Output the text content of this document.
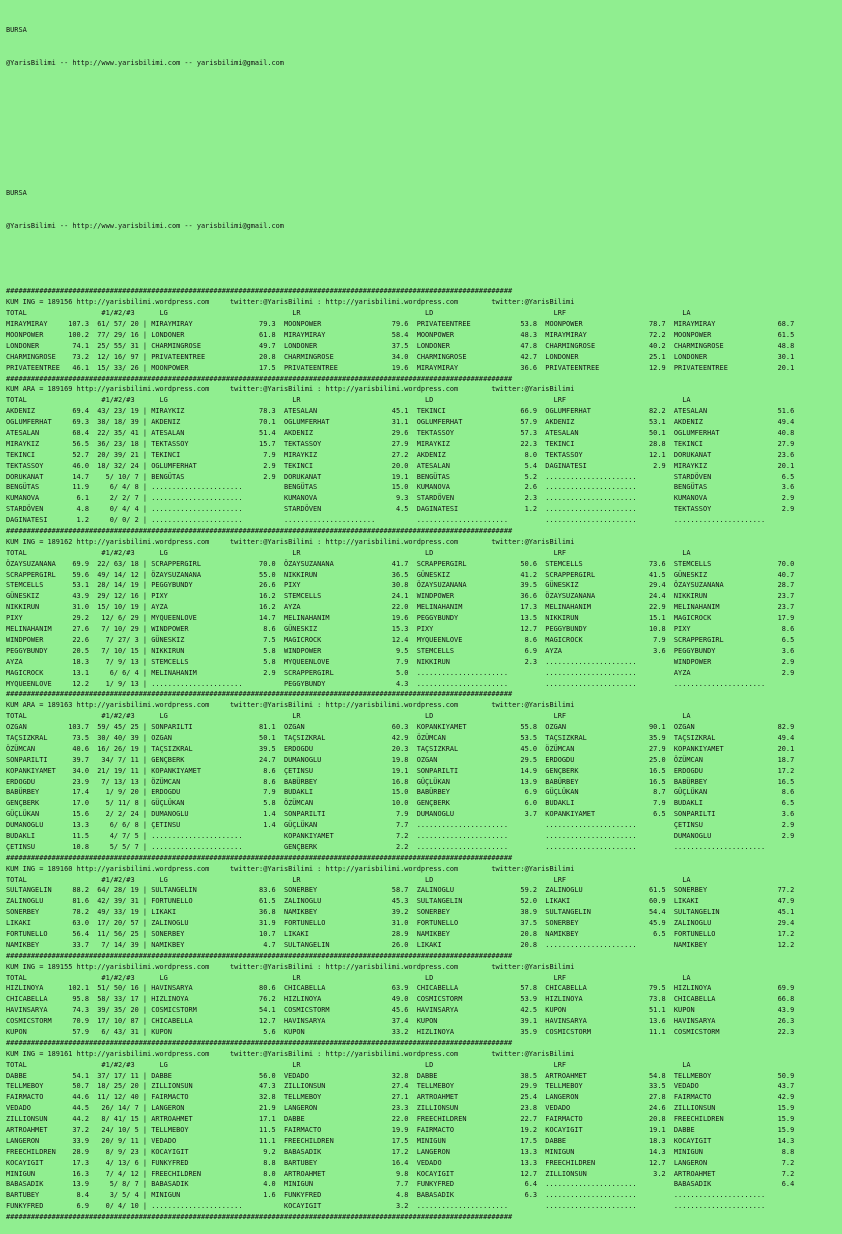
BURSA

@YarisBilimi -- http://www.yarisbilimi.com -- yarisbilimi@gmail.com

BURSA

@YarisBilimi -- http://www.yarisbilimi.com -- yarisbilimi@gmail.com

##########################################################################################################################
KUM ING = 189156 http://yarisbilimi.wordpress.com     twitter:@YarisBilimi : http://yarisbilimi.wordpress.com        twitter:@YarisBilimi
TOTAL                  #1/#2/#3      LG                              LR                              LD                             LRF                            LA
MIRAYMIRAY     107.3  61/ 57/ 20 | MIRAYMIRAY                79.3  MOONPOWER                 79.6  PRIVATEENTREE            53.8  MOONPOWER                78.7  MIRAYMIRAY               68.7
MOONPOWER      100.2  77/ 29/ 16 | LONDONER                  61.8  MIRAYMIRAY                58.4  MOONPOWER                48.3  MIRAYMIRAY               72.2  MOONPOWER                61.5
LONDONER        74.1  25/ 55/ 31 | CHARMINGROSE              49.7  LONDONER                  37.5  LONDONER                 47.8  CHARMINGROSE             40.2  CHARMINGROSE             48.8
CHARMINGROSE    73.2  12/ 16/ 97 | PRIVATEENTREE             20.8  CHARMINGROSE              34.0  CHARMINGROSE             42.7  LONDONER                 25.1  LONDONER                 30.1
PRIVATEENTREE   46.1  15/ 33/ 26 | MOONPOWER                 17.5  PRIVATEENTREE             19.6  MIRAYMIRAY               36.6  PRIVATEENTREE            12.9  PRIVATEENTREE            20.1
##########################################################################################################################
KUM ARA = 189169 http://yarisbilimi.wordpress.com     twitter:@YarisBilimi : http://yarisbilimi.wordpress.com        twitter:@YarisBilimi
TOTAL                  #1/#2/#3      LG                              LR                              LD                             LRF                            LA
AKDENIZ         69.4  43/ 23/ 19 | MIRAYKIZ                  78.3  ATESALAN                  45.1  TEKINCI                  66.9  OGLUMFERHAT              82.2  ATESALAN                 51.6
OGLUMFERHAT     69.3  38/ 18/ 39 | AKDENIZ                   70.1  OGLUMFERHAT               31.1  OGLUMFERHAT              57.9  AKDENIZ                  53.1  AKDENIZ                  49.4
ATESALAN        68.4  22/ 35/ 41 | ATESALAN                  51.4  AKDENIZ                   29.6  TEKTASSOY                57.3  ATESALAN                 50.1  OGLUMFERHAT              40.8
MIRAYKIZ        56.5  36/ 23/ 18 | TEKTASSOY                 15.7  TEKTASSOY                 27.9  MIRAYKIZ                 22.3  TEKINCI                  28.8  TEKINCI                  27.9
TEKINCI         52.7  20/ 39/ 21 | TEKINCI                    7.9  MIRAYKIZ                  27.2  AKDENIZ                   8.0  TEKTASSOY                12.1  DORUKANAT                23.6
TEKTASSOY       46.0  18/ 32/ 24 | OGLUMFERHAT                2.9  TEKINCI                   20.0  ATESALAN                  5.4  DAGINATESI                2.9  MIRAYKIZ                 20.1
DORUKANAT       14.7    5/ 10/ 7 | BENGÜTAS                   2.9  DORUKANAT                 19.1  BENGÜTAS                  5.2  ......................         STARDÖVEN                 6.5
BENGÜTAS        11.9     6/ 4/ 8 | ......................          BENGÜTAS                  15.0  KUMANOVA                  2.6  ......................         BENGÜTAS                  3.6
KUMANOVA         6.1     2/ 2/ 7 | ......................          KUMANOVA                   9.3  STARDÖVEN                 2.3  ......................         KUMANOVA                  2.9
STARDÖVEN        4.8     0/ 4/ 4 | ......................          STARDÖVEN                  4.5  DAGINATESI                1.2  ......................         TEKTASSOY                 2.9
DAGINATESI       1.2     0/ 0/ 2 | ......................          ......................          ......................         ......................         ......................
##########################################################################################################################
KUM ING = 189162 http://yarisbilimi.wordpress.com     twitter:@YarisBilimi : http://yarisbilimi.wordpress.com        twitter:@YarisBilimi
TOTAL                  #1/#2/#3      LG                              LR                              LD                             LRF                            LA
ÖZAYSUZANANA    69.9  22/ 63/ 18 | SCRAPPERGIRL              70.0  ÖZAYSUZANANA              41.7  SCRAPPERGIRL             50.6  STEMCELLS                73.6  STEMCELLS                70.0
SCRAPPERGIRL    59.6  49/ 14/ 12 | ÖZAYSUZANANA              55.0  NIKKIRUN                  36.5  GÜNESKIZ                 41.2  SCRAPPERGIRL             41.5  GÜNESKIZ                 40.7
STEMCELLS       53.1  28/ 14/ 19 | PEGGYBUNDY                26.6  PIXY                      30.8  ÖZAYSUZANANA             39.5  GÜNESKIZ                 29.4  ÖZAYSUZANANA             28.7
GÜNESKIZ        43.9  29/ 12/ 16 | PIXY                      16.2  STEMCELLS                 24.1  WINDPOWER                36.6  ÖZAYSUZANANA             24.4  NIKKIRUN                 23.7
NIKKIRUN        31.0  15/ 10/ 19 | AYZA                      16.2  AYZA                      22.0  MELINAHANIM              17.3  MELINAHANIM              22.9  MELINAHANIM              23.7
PIXY            29.2   12/ 6/ 29 | MYQUEENLOVE               14.7  MELINAHANIM               19.6  PEGGYBUNDY               13.5  NIKKIRUN                 15.1  MAGICROCK                17.9
MELINAHANIM     27.6   7/ 10/ 29 | WINDPOWER                  8.6  GÜNESKIZ                  15.3  PIXY                     12.7  PEGGYBUNDY               10.8  PIXY                      8.6
WINDPOWER       22.6    7/ 27/ 3 | GÜNESKIZ                   7.5  MAGICROCK                 12.4  MYQUEENLOVE               8.6  MAGICROCK                 7.9  SCRAPPERGIRL              6.5
PEGGYBUNDY      20.5   7/ 10/ 15 | NIKKIRUN                   5.8  WINDPOWER                  9.5  STEMCELLS                 6.9  AYZA                      3.6  PEGGYBUNDY                3.6
AYZA            18.3    7/ 9/ 13 | STEMCELLS                  5.8  MYQUEENLOVE                7.9  NIKKIRUN                  2.3  ......................         WINDPOWER                 2.9
MAGICROCK       13.1     6/ 6/ 4 | MELINAHANIM                2.9  SCRAPPERGIRL               5.0  ......................         ......................         AYZA                      2.9
MYQUEENLOVE     12.2    1/ 9/ 13 | ......................          PEGGYBUNDY                 4.3  ......................         ......................         ......................
##########################################################################################################################
KUM ARA = 189163 http://yarisbilimi.wordpress.com     twitter:@YarisBilimi : http://yarisbilimi.wordpress.com        twitter:@YarisBilimi
TOTAL                  #1/#2/#3      LG                              LR                              LD                             LRF                            LA
OZGAN          103.7  59/ 45/ 25 | SONPARILTI                81.1  OZGAN                     60.3  KOPANKIYAMET             55.8  OZGAN                    90.1  OZGAN                    82.9
TAÇSIZKRAL      73.5  30/ 40/ 39 | OZGAN                     50.1  TAÇSIZKRAL                42.9  ÖZÜMCAN                  53.5  TAÇSIZKRAL               35.9  TAÇSIZKRAL               49.4
ÖZÜMCAN         40.6  16/ 26/ 19 | TAÇSIZKRAL                39.5  ERDOGDU                   20.3  TAÇSIZKRAL               45.0  ÖZÜMCAN                  27.9  KOPANKIYAMET             20.1
SONPARILTI      39.7   34/ 7/ 11 | GENÇBERK                  24.7  DUMANOGLU                 19.8  OZGAN                    29.5  ERDOGDU                  25.0  ÖZÜMCAN                  18.7
KOPANKIYAMET    34.0  21/ 19/ 11 | KOPANKIYAMET               8.6  ÇETINSU                   19.1  SONPARILTI               14.9  GENÇBERK                 16.5  ERDOGDU                  17.2
ERDOGDU         23.9   7/ 13/ 13 | ÖZÜMCAN                    8.6  BABÜRBEY                  16.8  GÜÇLÜKAN                 13.9  BABÜRBEY                 16.5  BABÜRBEY                 16.5
BABÜRBEY        17.4    1/ 9/ 20 | ERDOGDU                    7.9  BUDAKLI                   15.0  BABÜRBEY                  6.9  GÜÇLÜKAN                  8.7  GÜÇLÜKAN                  8.6
GENÇBERK        17.0    5/ 11/ 8 | GÜÇLÜKAN                   5.8  ÖZÜMCAN                   10.0  GENÇBERK                  6.0  BUDAKLI                   7.9  BUDAKLI                   6.5
GÜÇLÜKAN        15.6    2/ 2/ 24 | DUMANOGLU                  1.4  SONPARILTI                 7.9  DUMANOGLU                 3.7  KOPANKIYAMET              6.5  SONPARILTI                3.6
DUMANOGLU       13.3     6/ 6/ 8 | ÇETINSU                    1.4  GÜÇLÜKAN                   7.7  ......................         ......................         ÇETINSU                   2.9
BUDAKLI         11.5     4/ 7/ 5 | ......................          KOPANKIYAMET               7.2  ......................         ......................         DUMANOGLU                 2.9
ÇETINSU         10.8     5/ 5/ 7 | ......................          GENÇBERK                   2.2  ......................         ......................         ......................
##########################################################################################################################
KUM ING = 189160 http://yarisbilimi.wordpress.com     twitter:@YarisBilimi : http://yarisbilimi.wordpress.com        twitter:@YarisBilimi
TOTAL                  #1/#2/#3      LG                              LR                              LD                             LRF                            LA
SULTANGELIN     88.2  64/ 28/ 19 | SULTANGELIN               83.6  SONERBEY                  58.7  ZALINOGLU                59.2  ZALINOGLU                61.5  SONERBEY                 77.2
ZALINOGLU       81.6  42/ 39/ 31 | FORTUNELLO                61.5  ZALINOGLU                 45.3  SULTANGELIN              52.0  LIKAKI                   60.9  LIKAKI                   47.9
SONERBEY        78.2  49/ 33/ 19 | LIKAKI                    36.8  NAMIKBEY                  39.2  SONERBEY                 38.9  SULTANGELIN              54.4  SULTANGELIN              45.1
LIKAKI          63.0  17/ 20/ 57 | ZALINOGLU                 31.9  FORTUNELLO                31.0  FORTUNELLO               37.5  SONERBEY                 45.9  ZALINOGLU                29.4
FORTUNELLO      56.4  11/ 56/ 25 | SONERBEY                  10.7  LIKAKI                    28.9  NAMIKBEY                 20.8  NAMIKBEY                  6.5  FORTUNELLO               17.2
NAMIKBEY        33.7   7/ 14/ 39 | NAMIKBEY                   4.7  SULTANGELIN               26.0  LIKAKI                   20.8  ......................         NAMIKBEY                 12.2
##########################################################################################################################
KUM ING = 189155 http://yarisbilimi.wordpress.com     twitter:@YarisBilimi : http://yarisbilimi.wordpress.com        twitter:@YarisBilimi
TOTAL                  #1/#2/#3      LG                              LR                              LD                             LRF                            LA
HIZLINOYA      102.1  51/ 50/ 16 | HAVINSARYA                80.6  CHICABELLA                63.9  CHICABELLA               57.8  CHICABELLA               79.5  HIZLINOYA                69.9
CHICABELLA      95.8  58/ 33/ 17 | HIZLINOYA                 76.2  HIZLINOYA                 49.0  COSMICSTORM              53.9  HIZLINOYA                73.8  CHICABELLA               66.8
HAVINSARYA      74.3  39/ 35/ 20 | COSMICSTORM               54.1  COSMICSTORM               45.6  HAVINSARYA               42.5  KUPON                    51.1  KUPON                    43.9
COSMICSTORM     70.9  17/ 10/ 87 | CHICABELLA                12.7  HAVINSARYA                37.4  KUPON                    39.1  HAVINSARYA               13.6  HAVINSARYA               26.3
KUPON           57.9   6/ 43/ 31 | KUPON                      5.6  KUPON                     33.2  HIZLINOYA                35.9  COSMICSTORM              11.1  COSMICSTORM              22.3
##########################################################################################################################
KUM ING = 189161 http://yarisbilimi.wordpress.com     twitter:@YarisBilimi : http://yarisbilimi.wordpress.com        twitter:@YarisBilimi
TOTAL                  #1/#2/#3      LG                              LR                              LD                             LRF                            LA
DABBE           54.1  37/ 17/ 11 | DABBE                     56.0  VEDADO                    32.8  DABBE                    38.5  ARTROAHMET               54.8  TELLMEBOY                50.9
TELLMEBOY       50.7  18/ 25/ 20 | ZILLIONSUN                47.3  ZILLIONSUN                27.4  TELLMEBOY                29.9  TELLMEBOY                33.5  VEDADO                   43.7
FAIRMACTO       44.6  11/ 12/ 40 | FAIRMACTO                 32.8  TELLMEBOY                 27.1  ARTROAHMET               25.4  LANGERON                 27.8  FAIRMACTO                42.9
VEDADO          44.5   26/ 14/ 7 | LANGERON                  21.9  LANGERON                  23.3  ZILLIONSUN               23.8  VEDADO                   24.6  ZILLIONSUN               15.9
ZILLIONSUN      44.2   8/ 41/ 15 | ARTROAHMET                17.1  DABBE                     22.0  FREECHILDREN             22.7  FAIRMACTO                20.8  FREECHILDREN             15.9
ARTROAHMET      37.2   24/ 10/ 5 | TELLMEBOY                 11.5  FAIRMACTO                 19.9  FAIRMACTO                19.2  KOCAYIGIT                19.1  DABBE                    15.9
LANGERON        33.9   20/ 9/ 11 | VEDADO                    11.1  FREECHILDREN              17.5  MINIGUN                  17.5  DABBE                    18.3  KOCAYIGIT                14.3
FREECHILDREN    28.9    8/ 9/ 23 | KOCAYIGIT                  9.2  BABASADIK                 17.2  LANGERON                 13.3  MINIGUN                  14.3  MINIGUN                   8.8
KOCAYIGIT       17.3    4/ 13/ 6 | FUNKYFRED                  8.8  BARTUBEY                  16.4  VEDADO                   13.3  FREECHILDREN             12.7  LANGERON                  7.2
MINIGUN         16.3    7/ 4/ 12 | FREECHILDREN               8.0  ARTROAHMET                 9.8  KOCAYIGIT                12.7  ZILLIONSUN                3.2  ARTROAHMET                7.2
BABASADIK       13.9     5/ 8/ 7 | BABASADIK                  4.0  MINIGUN                    7.7  FUNKYFRED                 6.4  ......................         BABASADIK                 6.4
BARTUBEY         8.4     3/ 5/ 4 | MINIGUN                    1.6  FUNKYFRED                  4.8  BABASADIK                 6.3  ......................         ......................
FUNKYFRED        6.9    0/ 4/ 10 | ......................          KOCAYIGIT                  3.2  ......................         ......................         ......................
##########################################################################################################################
